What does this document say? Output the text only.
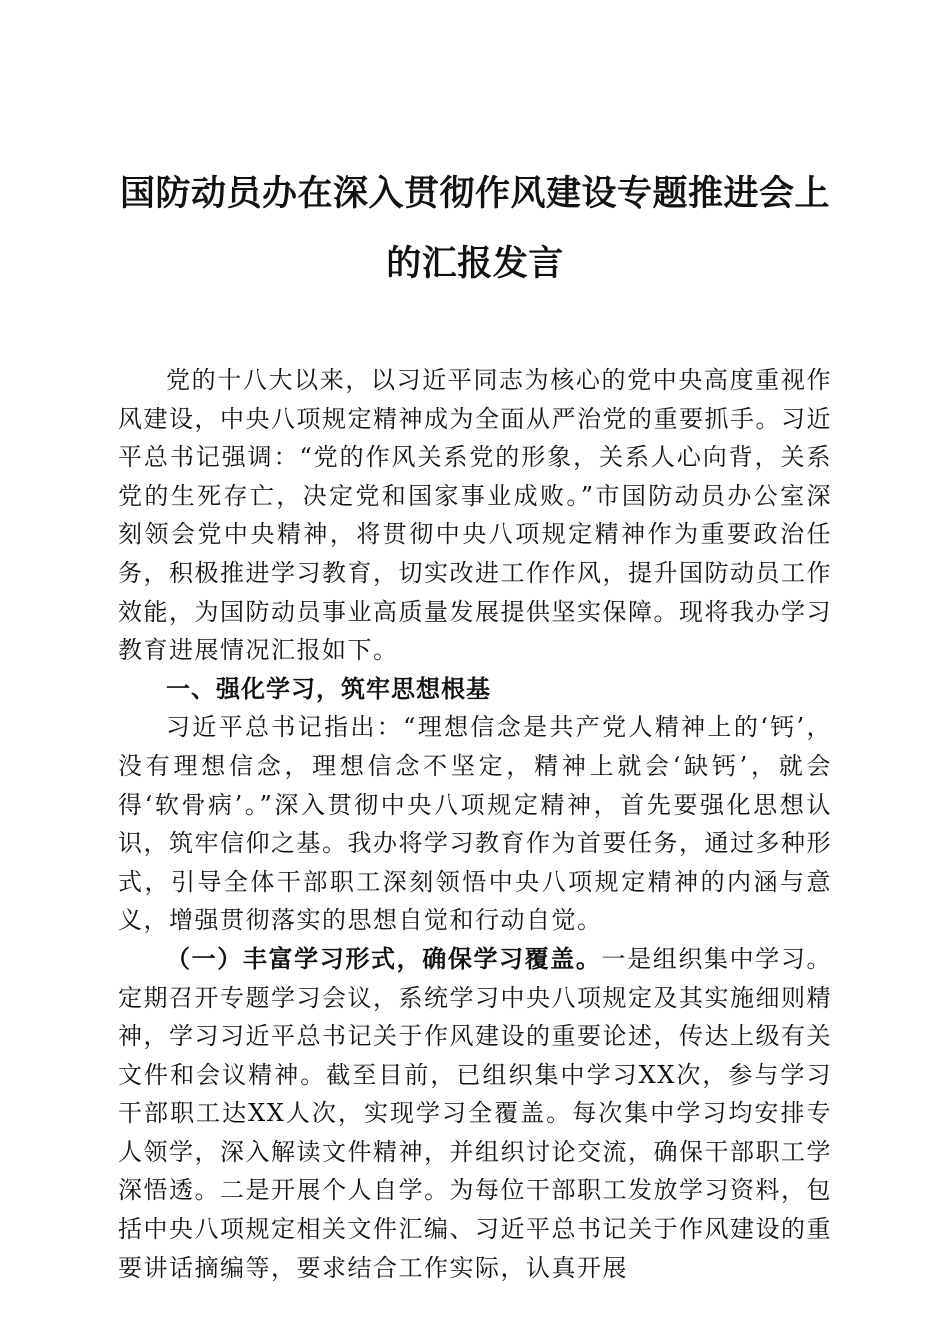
国防动员办在深入贯彻作风建设专题推进会上
的汇报发言

党的十八大以来，以习近平同志为核心的党中央高度重视作风建设，中央八项规定精神成为全面从严治党的重要抓手。习近平总书记强调：“党的作风关系党的形象，关系人心向背，关系党的生死存亡，决定党和国家事业成败。”市国防动员办公室深刻领会党中央精神，将贯彻中央八项规定精神作为重要政治任务，积极推进学习教育，切实改进工作作风，提升国防动员工作效能，为国防动员事业高质量发展提供坚实保障。现将我办学习教育进展情况汇报如下。

一、强化学习，筑牢思想根基

习近平总书记指出：“理想信念是共产党人精神上的‘钙’，没有理想信念，理想信念不坚定，精神上就会‘缺钙’，就会得‘软骨病’。”深入贯彻中央八项规定精神，首先要强化思想认识，筑牢信仰之基。我办将学习教育作为首要任务，通过多种形式，引导全体干部职工深刻领悟中央八项规定精神的内涵与意义，增强贯彻落实的思想自觉和行动自觉。

（一）丰富学习形式，确保学习覆盖。一是组织集中学习。定期召开专题学习会议，系统学习中央八项规定及其实施细则精神，学习习近平总书记关于作风建设的重要论述，传达上级有关文件和会议精神。截至目前，已组织集中学习XX次，参与学习干部职工达XX人次，实现学习全覆盖。每次集中学习均安排专人领学，深入解读文件精神，并组织讨论交流，确保干部职工学深悟透。二是开展个人自学。为每位干部职工发放学习资料，包括中央八项规定相关文件汇编、习近平总书记关于作风建设的重要讲话摘编等，要求结合工作实际，认真开展
